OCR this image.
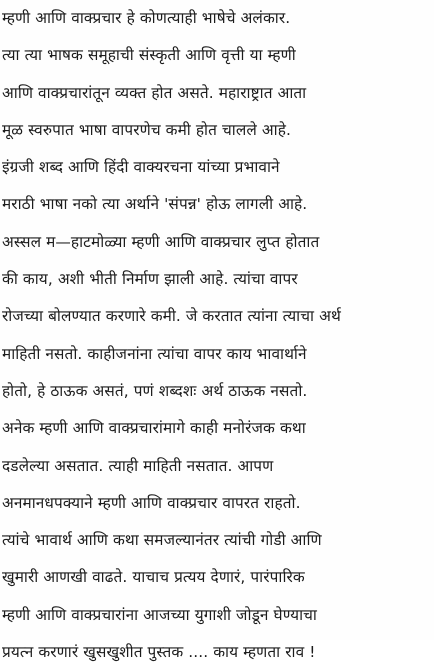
म्हणी आणि वाक्प्रचार हे कोणत्याही भाषेचे अलंकार.
त्या त्या भाषक समूहाची संस्कृती आणि वृत्ती या म्हणी
आणि वाक्प्रचारांतून व्यक्त होत असते. महाराष्ट्रात आता
मूळ स्वरुपात भाषा वापरणेच कमी होत चालले आहे.
इंग्रजी शब्द आणि हिंदी वाक्यरचना यांच्या प्रभावाने
मराठी भाषा नको त्या अर्थाने 'संपन्न' होऊ लागली आहे.
अस्सल म—हाटमोळ्या म्हणी आणि वाक्प्रचार लुप्त होतात
की काय, अशी भीती निर्माण झाली आहे. त्यांचा वापर
रोजच्या बोलण्यात करणारे कमी. जे करतात त्यांना त्याचा अर्थ
माहिती नसतो. काहीजनांना त्यांचा वापर काय भावार्थाने
होतो, हे ठाऊक असतं, पणं शब्दशः अर्थ ठाऊक नसतो.
अनेक म्हणी आणि वाक्प्रचारांमागे काही मनोरंजक कथा
दडलेल्या असतात. त्याही माहिती नसतात. आपण
अनमानधपक्याने म्हणी आणि वाक्प्रचार वापरत राहतो.
त्यांचे भावार्थ आणि कथा समजल्यानंतर त्यांची गोडी आणि
खुमारी आणखी वाढते. याचाच प्रत्यय देणारं, पारंपारिक
म्हणी आणि वाक्प्रचारांना आजच्या युगाशी जोडून घेण्याचा
प्रयत्न करणारं खुसखुशीत पुस्तक .... काय म्हणता राव !
